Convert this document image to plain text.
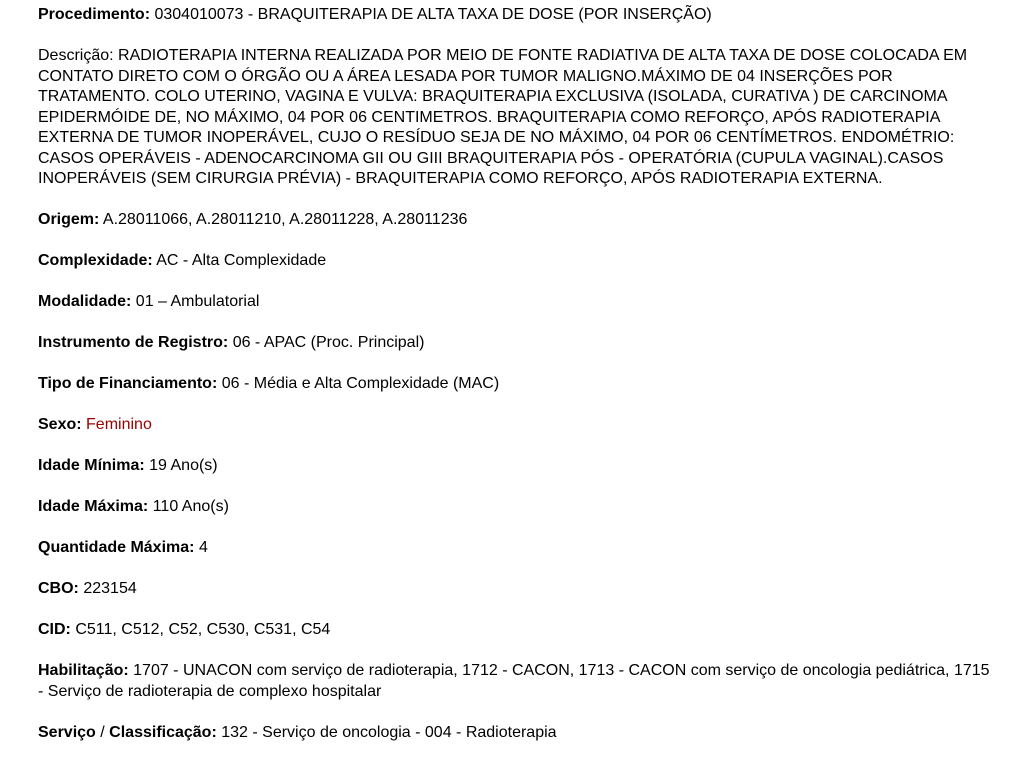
Procedimento: 0304010073 - BRAQUITERAPIA DE ALTA TAXA DE DOSE (POR INSERÇÃO)
Descrição: RADIOTERAPIA INTERNA REALIZADA POR MEIO DE FONTE RADIATIVA DE ALTA TAXA DE DOSE COLOCADA EM CONTATO DIRETO COM O ÓRGÃO OU A ÁREA LESADA POR TUMOR MALIGNO.MÁXIMO DE 04 INSERÇÕES POR TRATAMENTO. COLO UTERINO, VAGINA E VULVA: BRAQUITERAPIA EXCLUSIVA (ISOLADA, CURATIVA ) DE CARCINOMA EPIDERMÓIDE DE, NO MÁXIMO, 04 POR 06 CENTIMETROS. BRAQUITERAPIA COMO REFORÇO, APÓS RADIOTERAPIA EXTERNA DE TUMOR INOPERÁVEL, CUJO O RESÍDUO SEJA DE NO MÁXIMO, 04 POR 06 CENTÍMETROS. ENDOMÉTRIO: CASOS OPERÁVEIS - ADENOCARCINOMA GII OU GIII BRAQUITERAPIA PÓS - OPERATÓRIA (CUPULA VAGINAL).CASOS INOPERÁVEIS (SEM CIRURGIA PRÉVIA) - BRAQUITERAPIA COMO REFORÇO, APÓS RADIOTERAPIA EXTERNA.
Origem: A.28011066, A.28011210, A.28011228, A.28011236
Complexidade: AC - Alta Complexidade
Modalidade: 01 – Ambulatorial
Instrumento de Registro: 06 - APAC (Proc. Principal)
Tipo de Financiamento: 06 - Média e Alta Complexidade (MAC)
Sexo: Feminino
Idade Mínima: 19 Ano(s)
Idade Máxima: 110 Ano(s)
Quantidade Máxima: 4
CBO: 223154
CID: C511, C512, C52, C530, C531, C54
Habilitação: 1707 - UNACON com serviço de radioterapia, 1712 - CACON, 1713 - CACON com serviço de oncologia pediátrica, 1715 - Serviço de radioterapia de complexo hospitalar
Serviço / Classificação: 132 - Serviço de oncologia - 004 - Radioterapia
